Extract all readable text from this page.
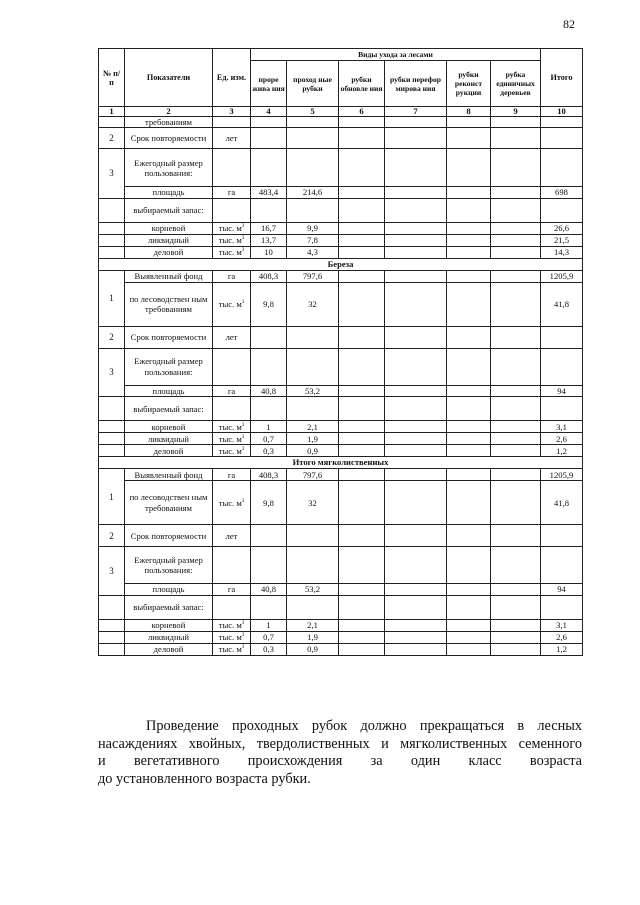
82
№ п/ п	Показатели	Ед. изм.	Виды ухода за лесами						Итого
			проре жива ния	проход ные рубки	рубки обновле ния	рубки перефор мирова ния	рубки реконст рукции	рубка единичных деревьев	
1	2	3	4	5	6	7	8	9	10
	требованиям								
2	Срок повторяемости	лет							
3	Ежегодный размер пользования:								
	площадь	га	483,4	214,6					698
	выбираемый запас:								
	корневой	тыс. $м^3$	16,7	9,9					26,6
	ликвидный	тыс. $м^3$	13,7	7,8					21,5
	деловой	тыс. $м^3$	10	4,3					14,3
Береза									
1	Выявленный фонд	га	408,3	797,6					1205,9
	по лесоводствен ным требованиям	тыс. $м^3$	9,8	32					41,8

2	Срок повторяемости	лет							
3	Ежегодный размер пользования:								
	площадь	га	40,8	53,2					94
	выбираемый запас:								
	корневой	тыс. $м^3$	1	2,1					3,1
	ликвидный	тыс. $м^3$	0,7	1,9					2,6
	деловой	тыс. $м^3$	0,3	0,9					1,2
Итого мягколиственных									
1	Выявленный фонд	га	408,3	797,6					1205,9
	по лесоводствен ным требованиям	тыс. $м^3$	9,8	32					41,8

2	Срок повторяемости	лет							
3	Ежегодный размер пользования:								
	площадь	га	40,8	53,2					94
	выбираемый запас:								
	корневой	тыс. $м^3$	1	2,1					3,1
	ликвидный	тыс. $м^3$	0,7	1,9					2,6
	деловой	тыс. $м^3$	0,3	0,9					1,2
Проведение проходных рубок должно прекращаться в лесных
насаждениях хвойных, твердолиственных и мягколиственных семенного
и вегетативного происхождения за один класс возраста
до установленного возраста рубки.
